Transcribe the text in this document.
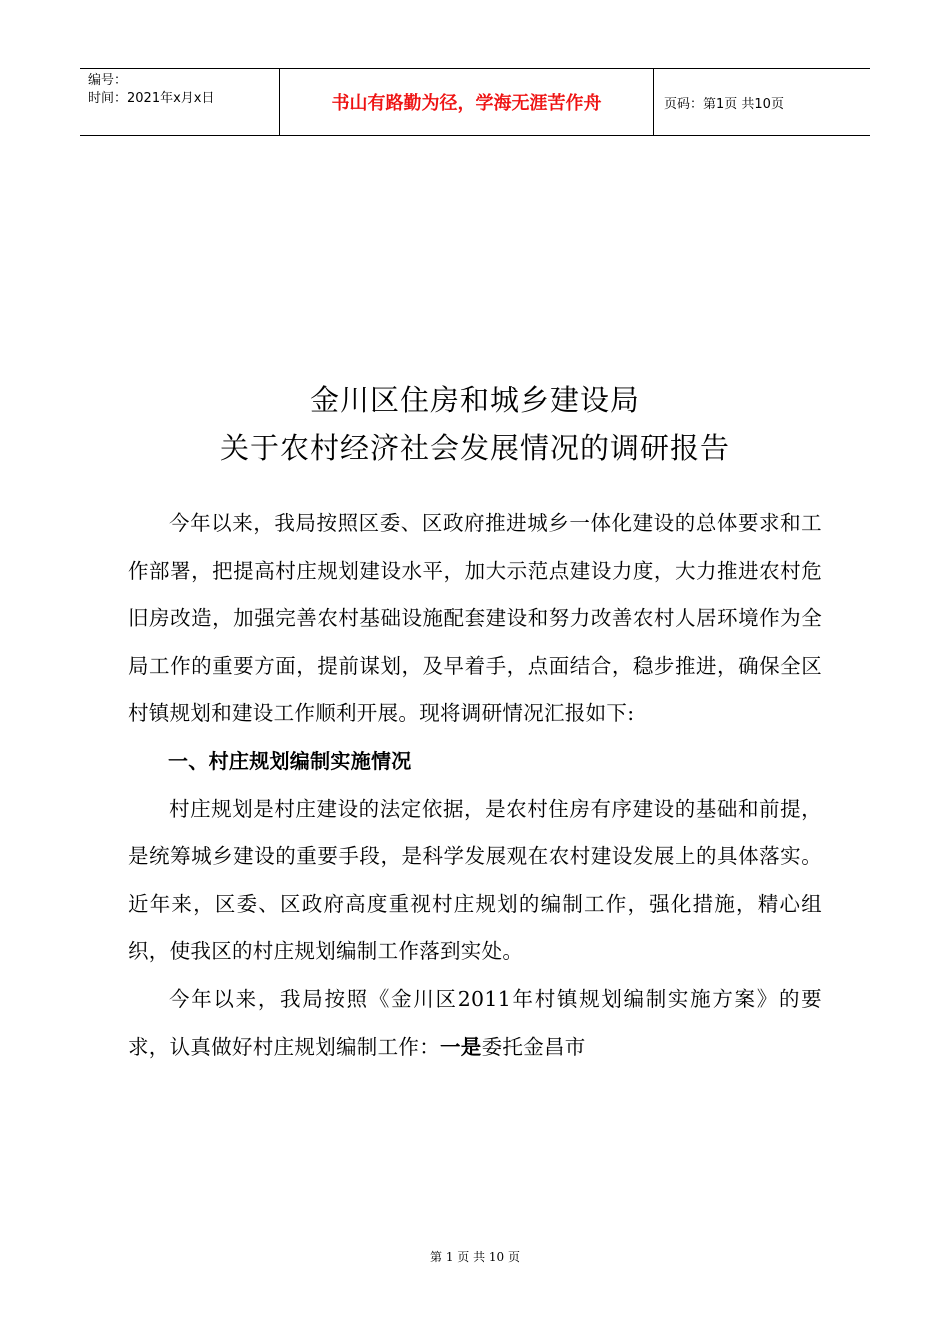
编号：
时间：2021年x月x日	书山有路勤为径，学海无涯苦作舟	页码：第1页 共10页
金川区住房和城乡建设局
关于农村经济社会发展情况的调研报告

今年以来，我局按照区委、区政府推进城乡一体化建设的总体要求和工作部署，把提高村庄规划建设水平，加大示范点建设力度，大力推进农村危旧房改造，加强完善农村基础设施配套建设和努力改善农村人居环境作为全局工作的重要方面，提前谋划，及早着手，点面结合，稳步推进，确保全区村镇规划和建设工作顺利开展。现将调研情况汇报如下:

一、村庄规划编制实施情况

村庄规划是村庄建设的法定依据，是农村住房有序建设的基础和前提，是统筹城乡建设的重要手段，是科学发展观在农村建设发展上的具体落实。近年来，区委、区政府高度重视村庄规划的编制工作，强化措施，精心组织，使我区的村庄规划编制工作落到实处。

今年以来，我局按照《金川区2011年村镇规划编制实施方案》的要求，认真做好村庄规划编制工作：一是委托金昌市

第 1 页 共 10 页
